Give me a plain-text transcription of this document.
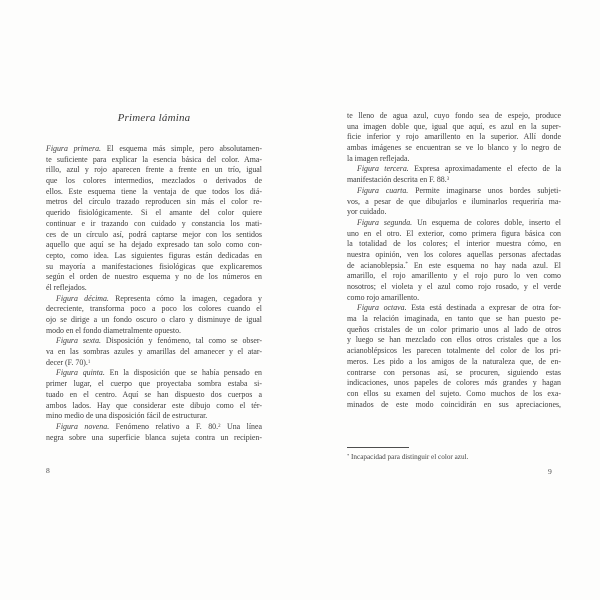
Primera lámina
Figura primera. El esquema más simple, pero absolutamen-
te suficiente para explicar la esencia básica del color. Ama-
rillo, azul y rojo aparecen frente a frente en un trío, igual
que los colores intermedios, mezclados o derivados de
ellos. Este esquema tiene la ventaja de que todos los diá-
metros del círculo trazado reproducen sin más el color re-
querido fisiológicamente. Si el amante del color quiere
continuar e ir trazando con cuidado y constancia los mati-
ces de un círculo así, podrá captarse mejor con los sentidos
aquello que aquí se ha dejado expresado tan solo como con-
cepto, como idea. Las siguientes figuras están dedicadas en
su mayoría a manifestaciones fisiológicas que explicaremos
según el orden de nuestro esquema y no de los números en
él reflejados.
Figura décima. Representa cómo la imagen, cegadora y
decreciente, transforma poco a poco los colores cuando el
ojo se dirige a un fondo oscuro o claro y disminuye de igual
modo en el fondo diametralmente opuesto.
Figura sexta. Disposición y fenómeno, tal como se obser-
va en las sombras azules y amarillas del amanecer y el atar-
decer (F. 70).$^1$
Figura quinta. En la disposición que se había pensado en
primer lugar, el cuerpo que proyectaba sombra estaba si-
tuado en el centro. Aquí se han dispuesto dos cuerpos a
ambos lados. Hay que considerar este dibujo como el tér-
mino medio de una disposición fácil de estructurar.
Figura novena. Fenómeno relativo a F. 80.$^2$ Una línea
negra sobre una superficie blanca sujeta contra un recipien-
te lleno de agua azul, cuyo fondo sea de espejo, produce
una imagen doble que, igual que aquí, es azul en la super-
ficie inferior y rojo amarillento en la superior. Allí donde
ambas imágenes se encuentran se ve lo blanco y lo negro de
la imagen reflejada.
Figura tercera. Expresa aproximadamente el efecto de la
manifestación descrita en F. 88.$^3$
Figura cuarta. Permite imaginarse unos bordes subjeti-
vos, a pesar de que dibujarlos e iluminarlos requeriría ma-
yor cuidado.
Figura segunda. Un esquema de colores doble, inserto el
uno en el otro. El exterior, como primera figura básica con
la totalidad de los colores; el interior muestra cómo, en
nuestra opinión, ven los colores aquellas personas afectadas
de acianoblepsia.* En este esquema no hay nada azul. El
amarillo, el rojo amarillento y el rojo puro lo ven como
nosotros; el violeta y el azul como rojo rosado, y el verde
como rojo amarillento.
Figura octava. Esta está destinada a expresar de otra for-
ma la relación imaginada, en tanto que se han puesto pe-
queños cristales de un color primario unos al lado de otros
y luego se han mezclado con ellos otros cristales que a los
acianoblépsicos les parecen totalmente del color de los pri-
meros. Les pido a los amigos de la naturaleza que, de en-
contrarse con personas así, se procuren, siguiendo estas
indicaciones, unos papeles de colores más grandes y hagan
con ellos su examen del sujeto. Como muchos de los exa-
minados de este modo coincidirán en sus apreciaciones,
* Incapacidad para distinguir el color azul.
8	9
